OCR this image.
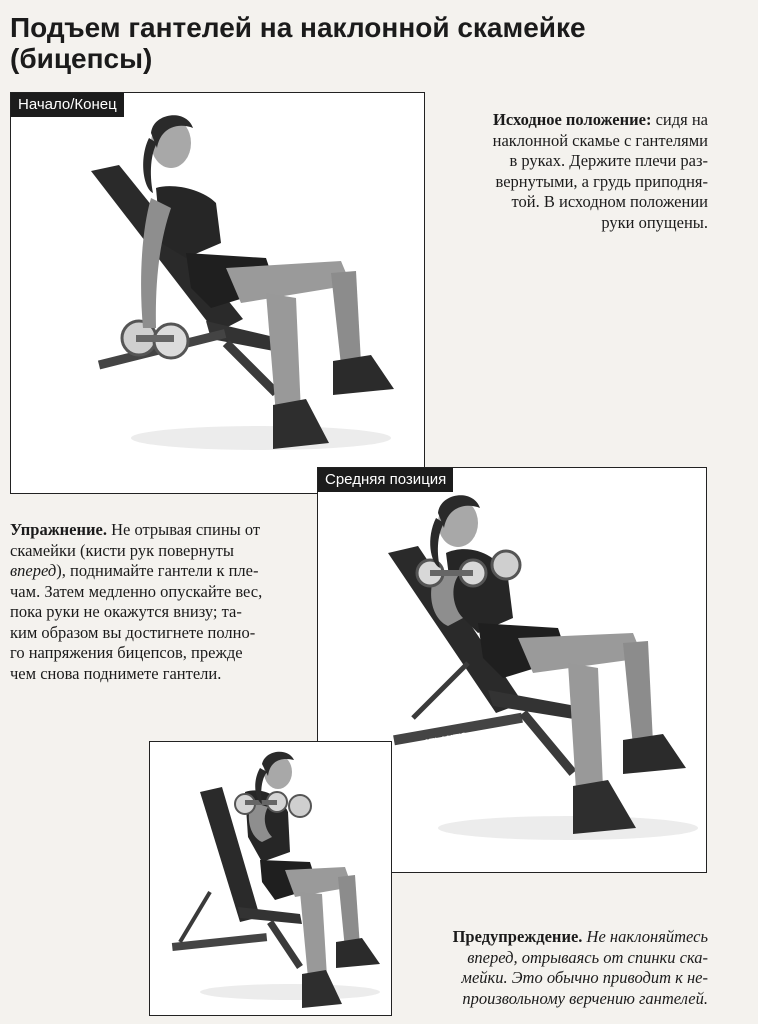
Подъем гантелей на наклонной скамейке
(бицепсы)
Начало/Конец
Исходное положение: сидя на
наклонной скамье с гантелями
в руках. Держите плечи раз-
вернутыми, а грудь приподня-
той. В исходном положении
руки опущены.
ATLANTIS
Средняя позиция
Упражнение. Не отрывая спины от
скамейки (кисти рук повернуты
вперед), поднимайте гантели к пле-
чам. Затем медленно опускайте вес,
пока руки не окажутся внизу; та-
ким образом вы достигнете полно-
го напряжения бицепсов, прежде
чем снова поднимете гантели.
Предупреждение. Не наклоняйтесь
вперед, отрываясь от спинки ска-
мейки. Это обычно приводит к не-
произвольному верчению гантелей.
